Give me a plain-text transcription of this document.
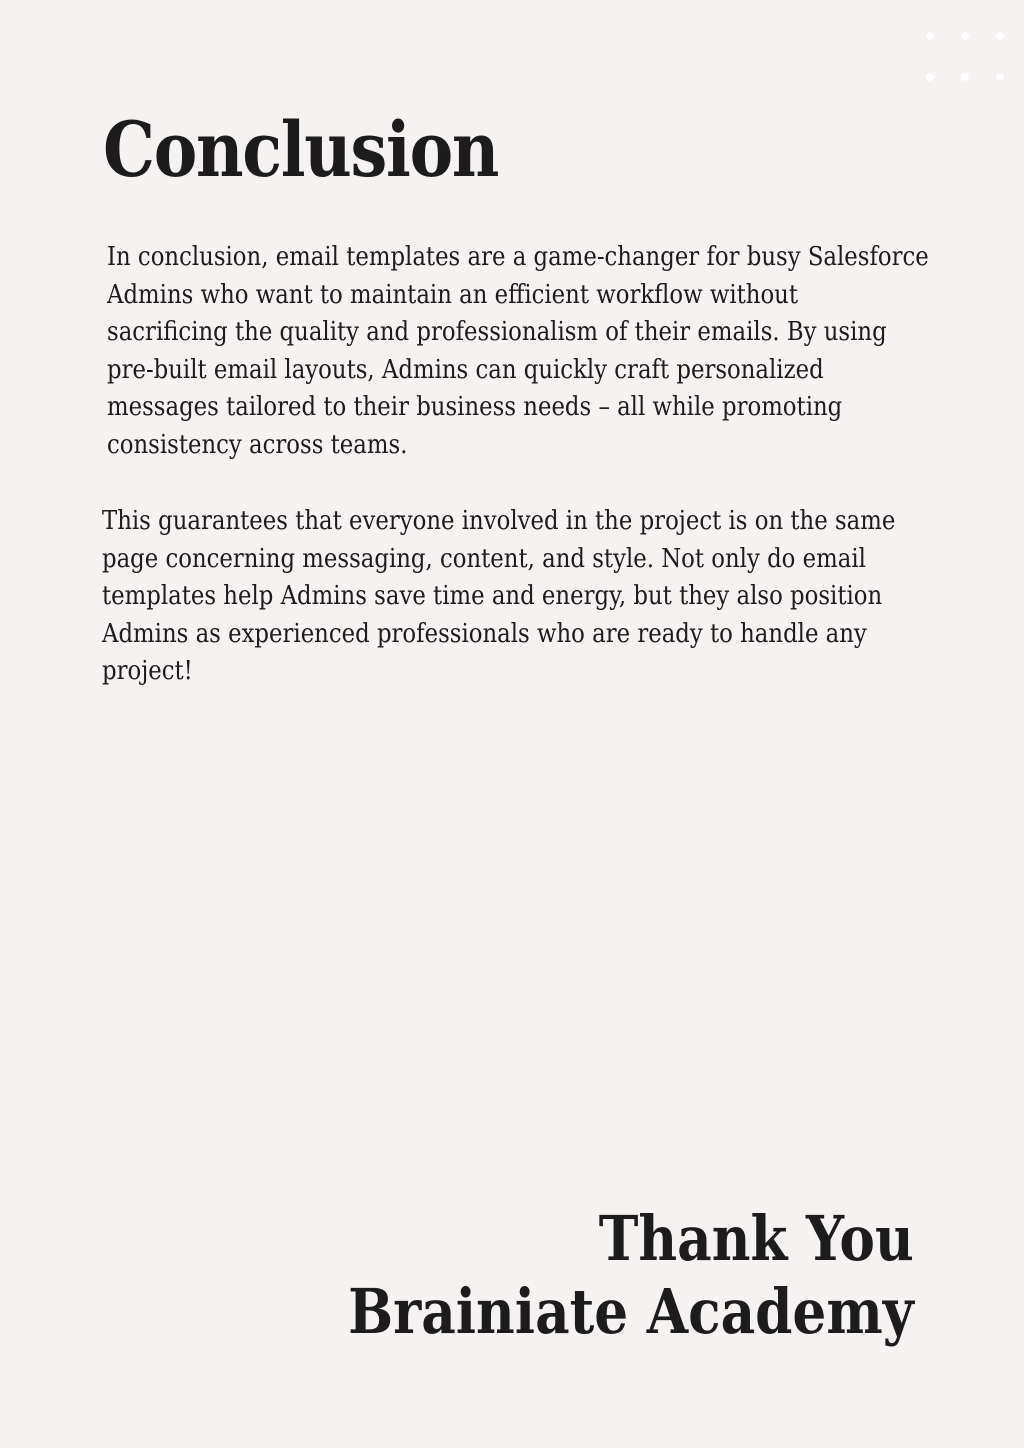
Conclusion

In conclusion, email templates are a game-changer for busy Salesforce
Admins who want to maintain an efficient workflow without
sacrificing the quality and professionalism of their emails. By using
pre-built email layouts, Admins can quickly craft personalized
messages tailored to their business needs – all while promoting
consistency across teams.

This guarantees that everyone involved in the project is on the same
page concerning messaging, content, and style. Not only do email
templates help Admins save time and energy, but they also position
Admins as experienced professionals who are ready to handle any
project!

Thank You
Brainiate Academy
